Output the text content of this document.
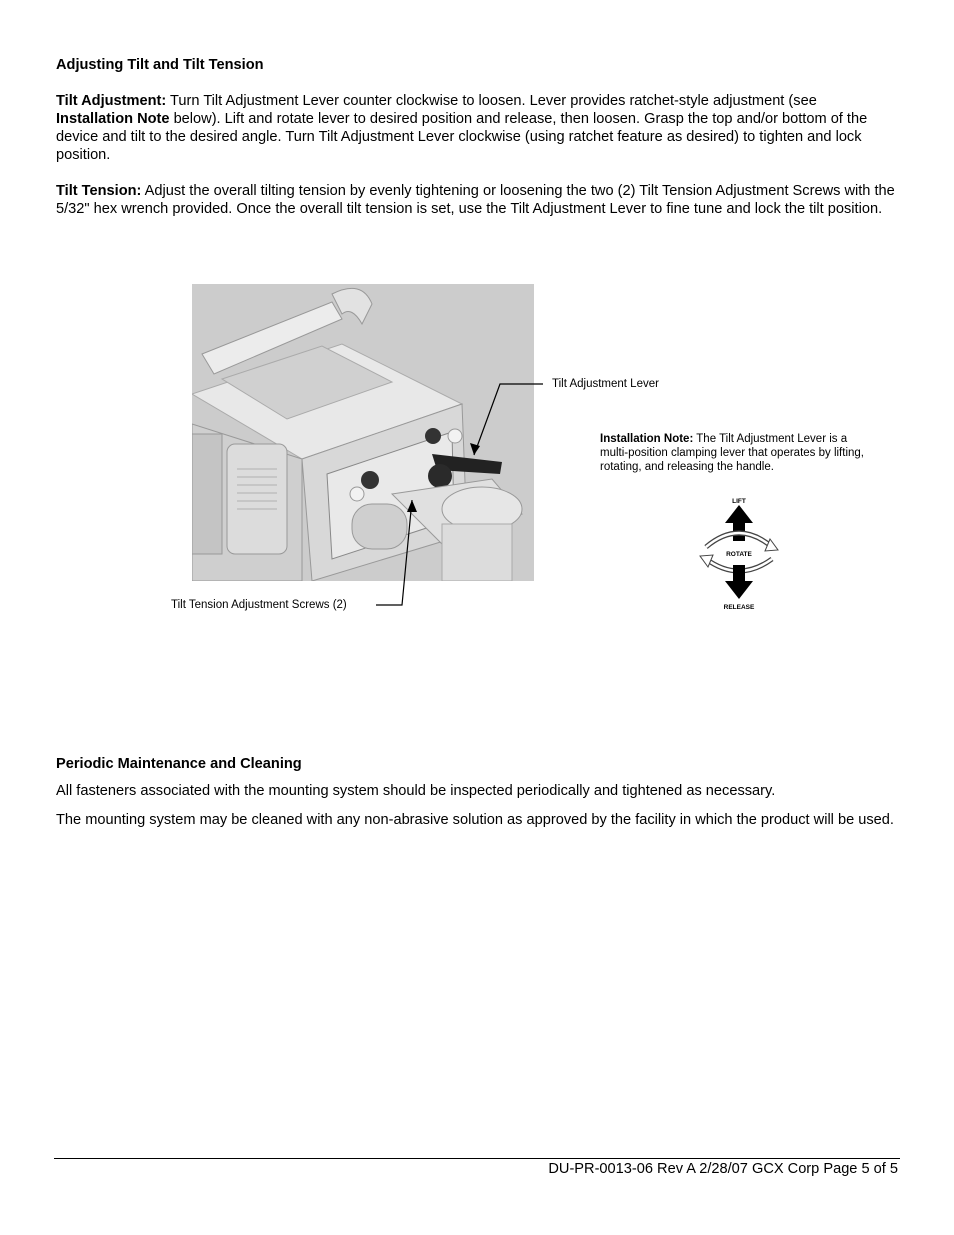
Adjusting Tilt and Tilt Tension
Tilt Adjustment: Turn Tilt Adjustment Lever counter clockwise to loosen. Lever provides ratchet-style adjustment (see Installation Note below). Lift and rotate lever to desired position and release, then loosen. Grasp the top and/or bottom of the device and tilt to the desired angle. Turn Tilt Adjustment Lever clockwise (using ratchet feature as desired) to tighten and lock position.
Tilt Tension: Adjust the overall tilting tension by evenly tightening or loosening the two (2) Tilt Tension Adjustment Screws with the 5/32" hex wrench provided. Once the overall tilt tension is set, use the Tilt Adjustment Lever to fine tune and lock the tilt position.
Tilt Adjustment Lever
Tilt Tension Adjustment Screws (2)
Installation Note: The Tilt Adjustment Lever is a multi-position clamping lever that operates by lifting, rotating, and releasing the handle.
LIFT
ROTATE
RELEASE
Periodic Maintenance and Cleaning
All fasteners associated with the mounting system should be inspected periodically and tightened as necessary.
The mounting system may be cleaned with any non-abrasive solution as approved by the facility in which the product will be used.
DU-PR-0013-06 Rev A 2/28/07 GCX Corp Page 5 of 5
